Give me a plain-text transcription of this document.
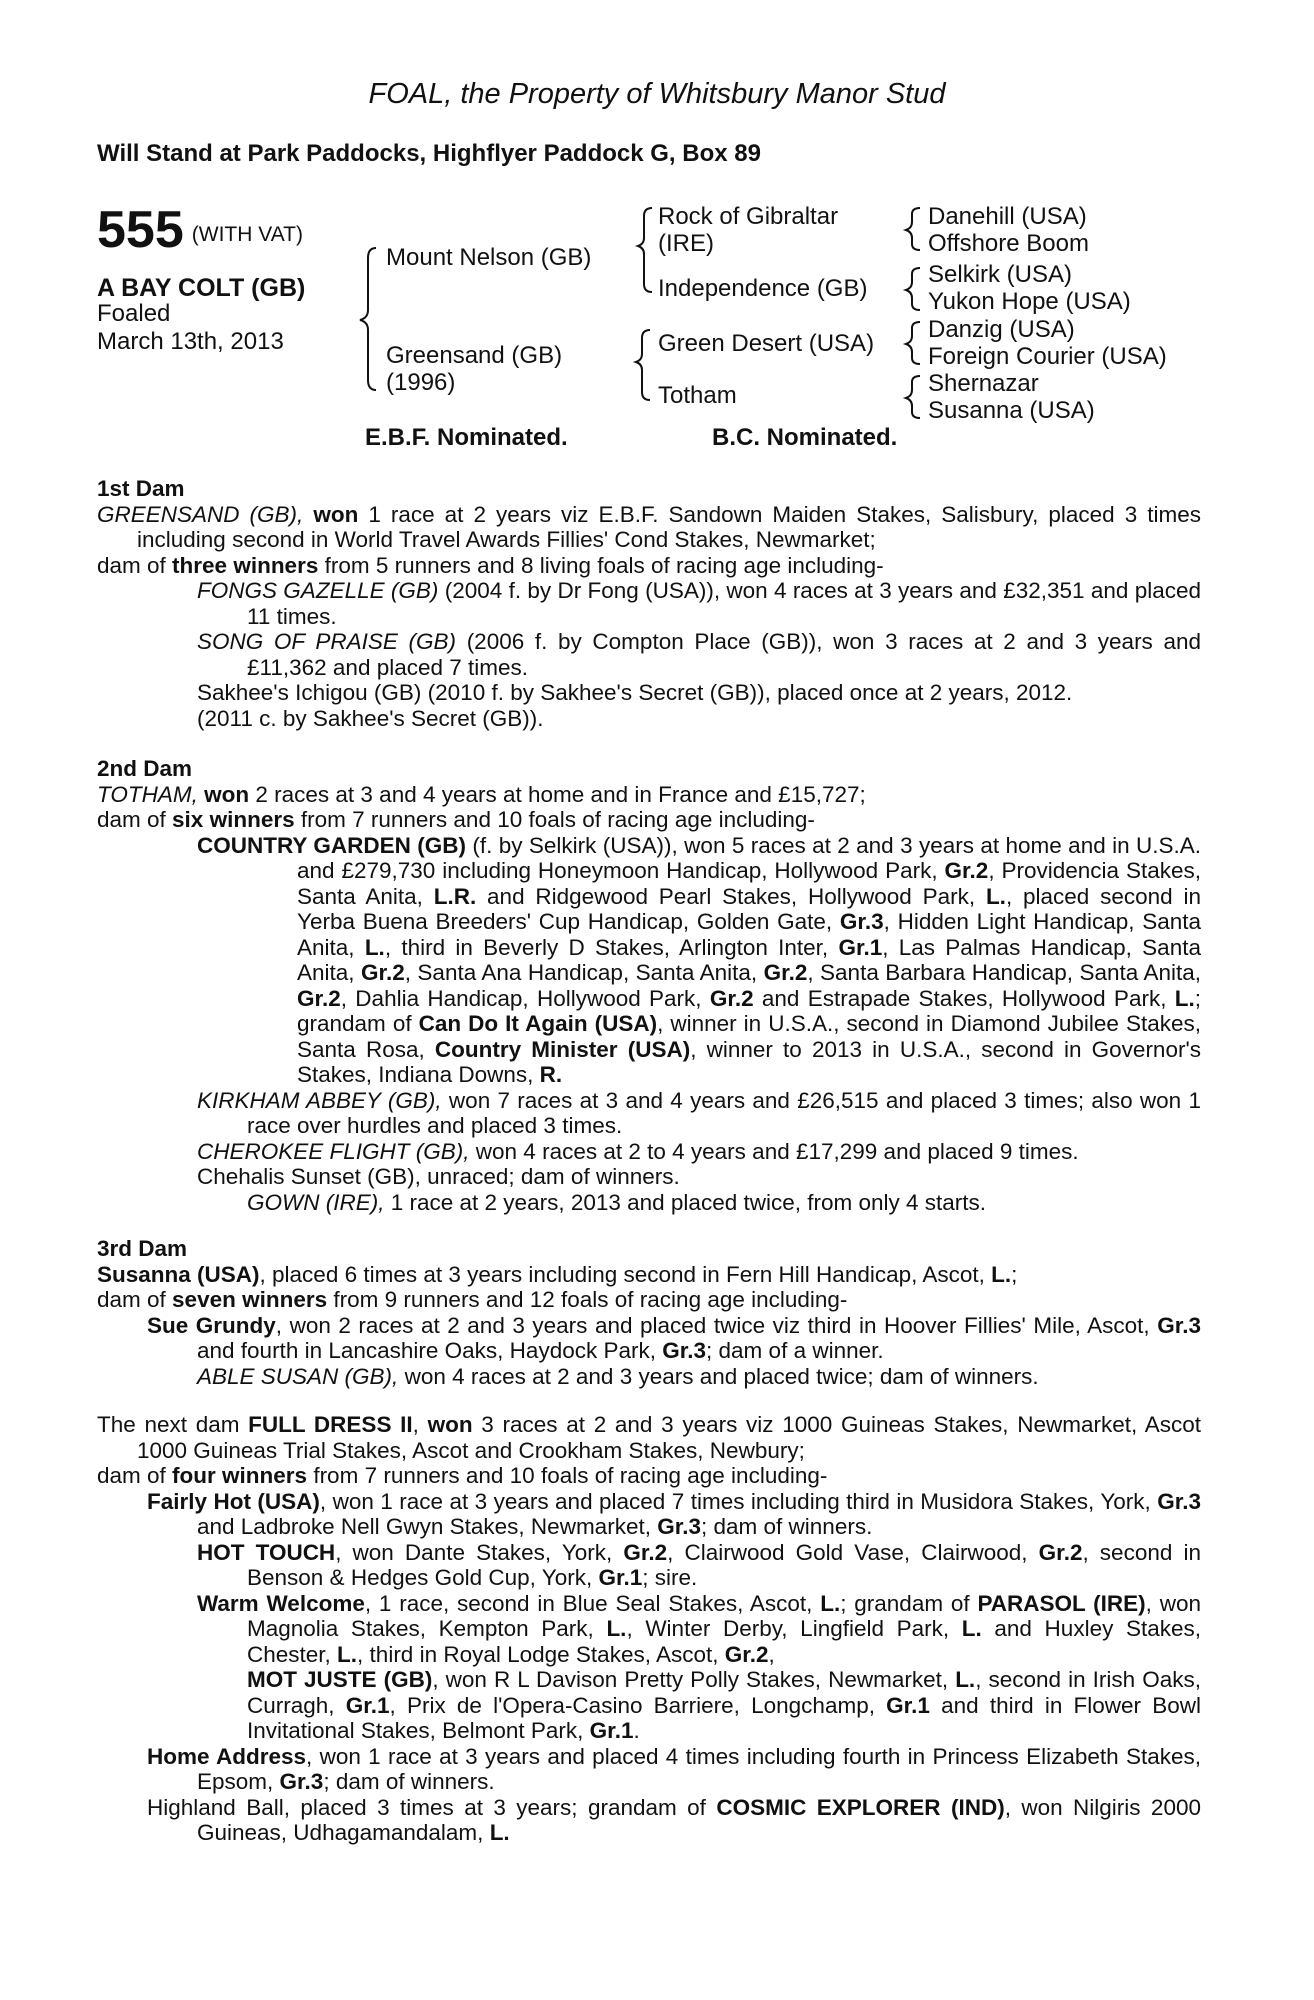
FOAL, the Property of Whitsbury Manor Stud
Will Stand at Park Paddocks, Highflyer Paddock G, Box 89
555 (WITH VAT)
A BAY COLT (GB)
Foaled
March 13th, 2013
Mount Nelson (GB)
Greensand (GB)
(1996)
Rock of Gibraltar
(IRE)
Independence (GB)
Green Desert (USA)
Totham
Danehill (USA)
Offshore Boom
Selkirk (USA)
Yukon Hope (USA)
Danzig (USA)
Foreign Courier (USA)
Shernazar
Susanna (USA)
E.B.F. Nominated.	B.C. Nominated.
1st Dam

GREENSAND (GB), won 1 race at 2 years viz E.B.F. Sandown Maiden Stakes, Salisbury, placed 3 times including second in World Travel Awards Fillies' Cond Stakes, Newmarket;

dam of three winners from 5 runners and 8 living foals of racing age including-

FONGS GAZELLE (GB) (2004 f. by Dr Fong (USA)), won 4 races at 3 years and £32,351 and placed 11 times.

SONG OF PRAISE (GB) (2006 f. by Compton Place (GB)), won 3 races at 2 and 3 years and £11,362 and placed 7 times.

Sakhee's Ichigou (GB) (2010 f. by Sakhee's Secret (GB)), placed once at 2 years, 2012.

(2011 c. by Sakhee's Secret (GB)).

2nd Dam

TOTHAM, won 2 races at 3 and 4 years at home and in France and £15,727;

dam of six winners from 7 runners and 10 foals of racing age including-

COUNTRY GARDEN (GB) (f. by Selkirk (USA)), won 5 races at 2 and 3 years at home and in U.S.A. and £279,730 including Honeymoon Handicap, Hollywood Park, Gr.2, Providencia Stakes, Santa Anita, L.R. and Ridgewood Pearl Stakes, Hollywood Park, L., placed second in Yerba Buena Breeders' Cup Handicap, Golden Gate, Gr.3, Hidden Light Handicap, Santa Anita, L., third in Beverly D Stakes, Arlington Inter, Gr.1, Las Palmas Handicap, Santa Anita, Gr.2, Santa Ana Handicap, Santa Anita, Gr.2, Santa Barbara Handicap, Santa Anita, Gr.2, Dahlia Handicap, Hollywood Park, Gr.2 and Estrapade Stakes, Hollywood Park, L.; grandam of Can Do It Again (USA), winner in U.S.A., second in Diamond Jubilee Stakes, Santa Rosa, Country Minister (USA), winner to 2013 in U.S.A., second in Governor's Stakes, Indiana Downs, R.

KIRKHAM ABBEY (GB), won 7 races at 3 and 4 years and £26,515 and placed 3 times; also won 1 race over hurdles and placed 3 times.

CHEROKEE FLIGHT (GB), won 4 races at 2 to 4 years and £17,299 and placed 9 times.

Chehalis Sunset (GB), unraced; dam of winners.

GOWN (IRE), 1 race at 2 years, 2013 and placed twice, from only 4 starts.

3rd Dam

Susanna (USA), placed 6 times at 3 years including second in Fern Hill Handicap, Ascot, L.;

dam of seven winners from 9 runners and 12 foals of racing age including-

Sue Grundy, won 2 races at 2 and 3 years and placed twice viz third in Hoover Fillies' Mile, Ascot, Gr.3 and fourth in Lancashire Oaks, Haydock Park, Gr.3; dam of a winner.

ABLE SUSAN (GB), won 4 races at 2 and 3 years and placed twice; dam of winners.

The next dam FULL DRESS II, won 3 races at 2 and 3 years viz 1000 Guineas Stakes, Newmarket, Ascot 1000 Guineas Trial Stakes, Ascot and Crookham Stakes, Newbury;

dam of four winners from 7 runners and 10 foals of racing age including-

Fairly Hot (USA), won 1 race at 3 years and placed 7 times including third in Musidora Stakes, York, Gr.3 and Ladbroke Nell Gwyn Stakes, Newmarket, Gr.3; dam of winners.

HOT TOUCH, won Dante Stakes, York, Gr.2, Clairwood Gold Vase, Clairwood, Gr.2, second in Benson & Hedges Gold Cup, York, Gr.1; sire.

Warm Welcome, 1 race, second in Blue Seal Stakes, Ascot, L.; grandam of PARASOL (IRE), won Magnolia Stakes, Kempton Park, L., Winter Derby, Lingfield Park, L. and Huxley Stakes, Chester, L., third in Royal Lodge Stakes, Ascot, Gr.2,

MOT JUSTE (GB), won R L Davison Pretty Polly Stakes, Newmarket, L., second in Irish Oaks, Curragh, Gr.1, Prix de l'Opera-Casino Barriere, Longchamp, Gr.1 and third in Flower Bowl Invitational Stakes, Belmont Park, Gr.1.

Home Address, won 1 race at 3 years and placed 4 times including fourth in Princess Elizabeth Stakes, Epsom, Gr.3; dam of winners.

Highland Ball, placed 3 times at 3 years; grandam of COSMIC EXPLORER (IND), won Nilgiris 2000 Guineas, Udhagamandalam, L.
